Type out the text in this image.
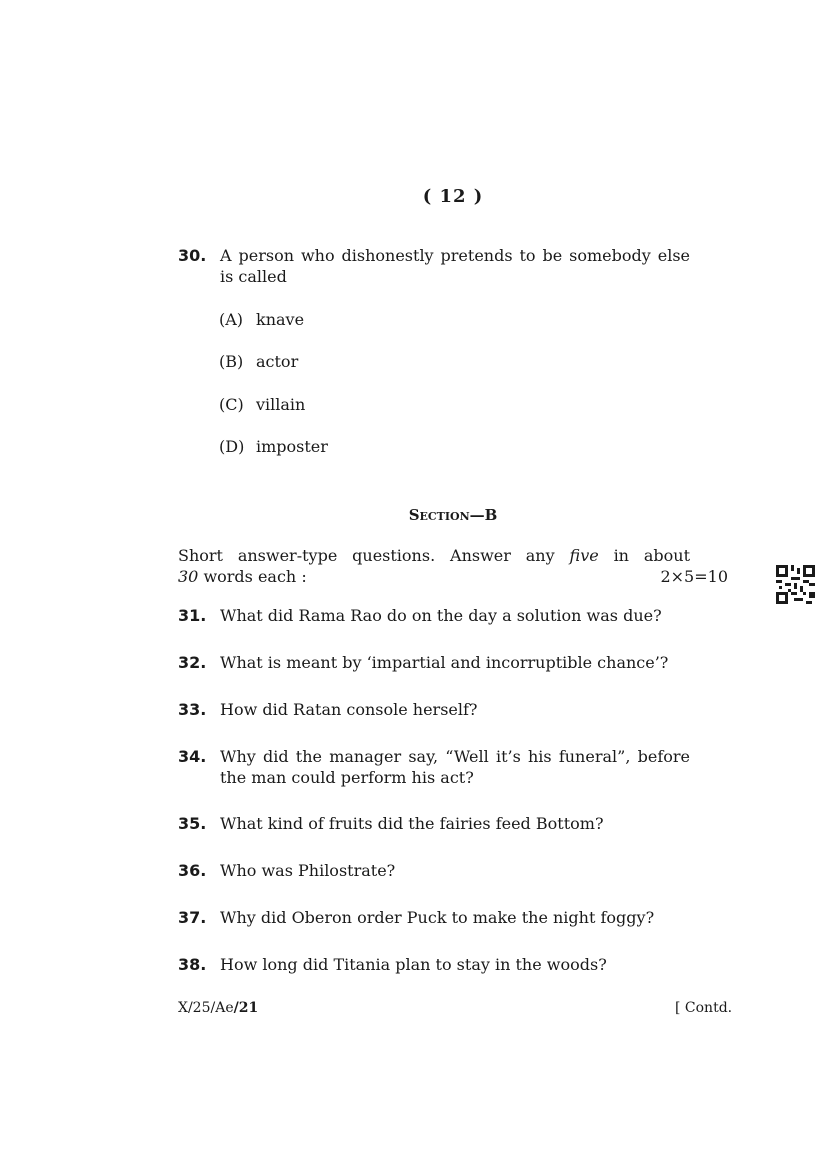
( 12 )
30. A person who dishonestly pretends to be somebody else
is called
(A) knave
(B) actor
(C) villain
(D) imposter
Section—B
Short answer-type questions. Answer any five in about
30 words each :	2×5=10
31. What did Rama Rao do on the day a solution was due?
32. What is meant by ‘impartial and incorruptible chance’?
33. How did Ratan console herself?
34. Why did the manager say, “Well it’s his funeral”, before
the man could perform his act?
35. What kind of fruits did the fairies feed Bottom?
36. Who was Philostrate?
37. Why did Oberon order Puck to make the night foggy?
38. How long did Titania plan to stay in the woods?
X/25/Ae/21	[ Contd.
